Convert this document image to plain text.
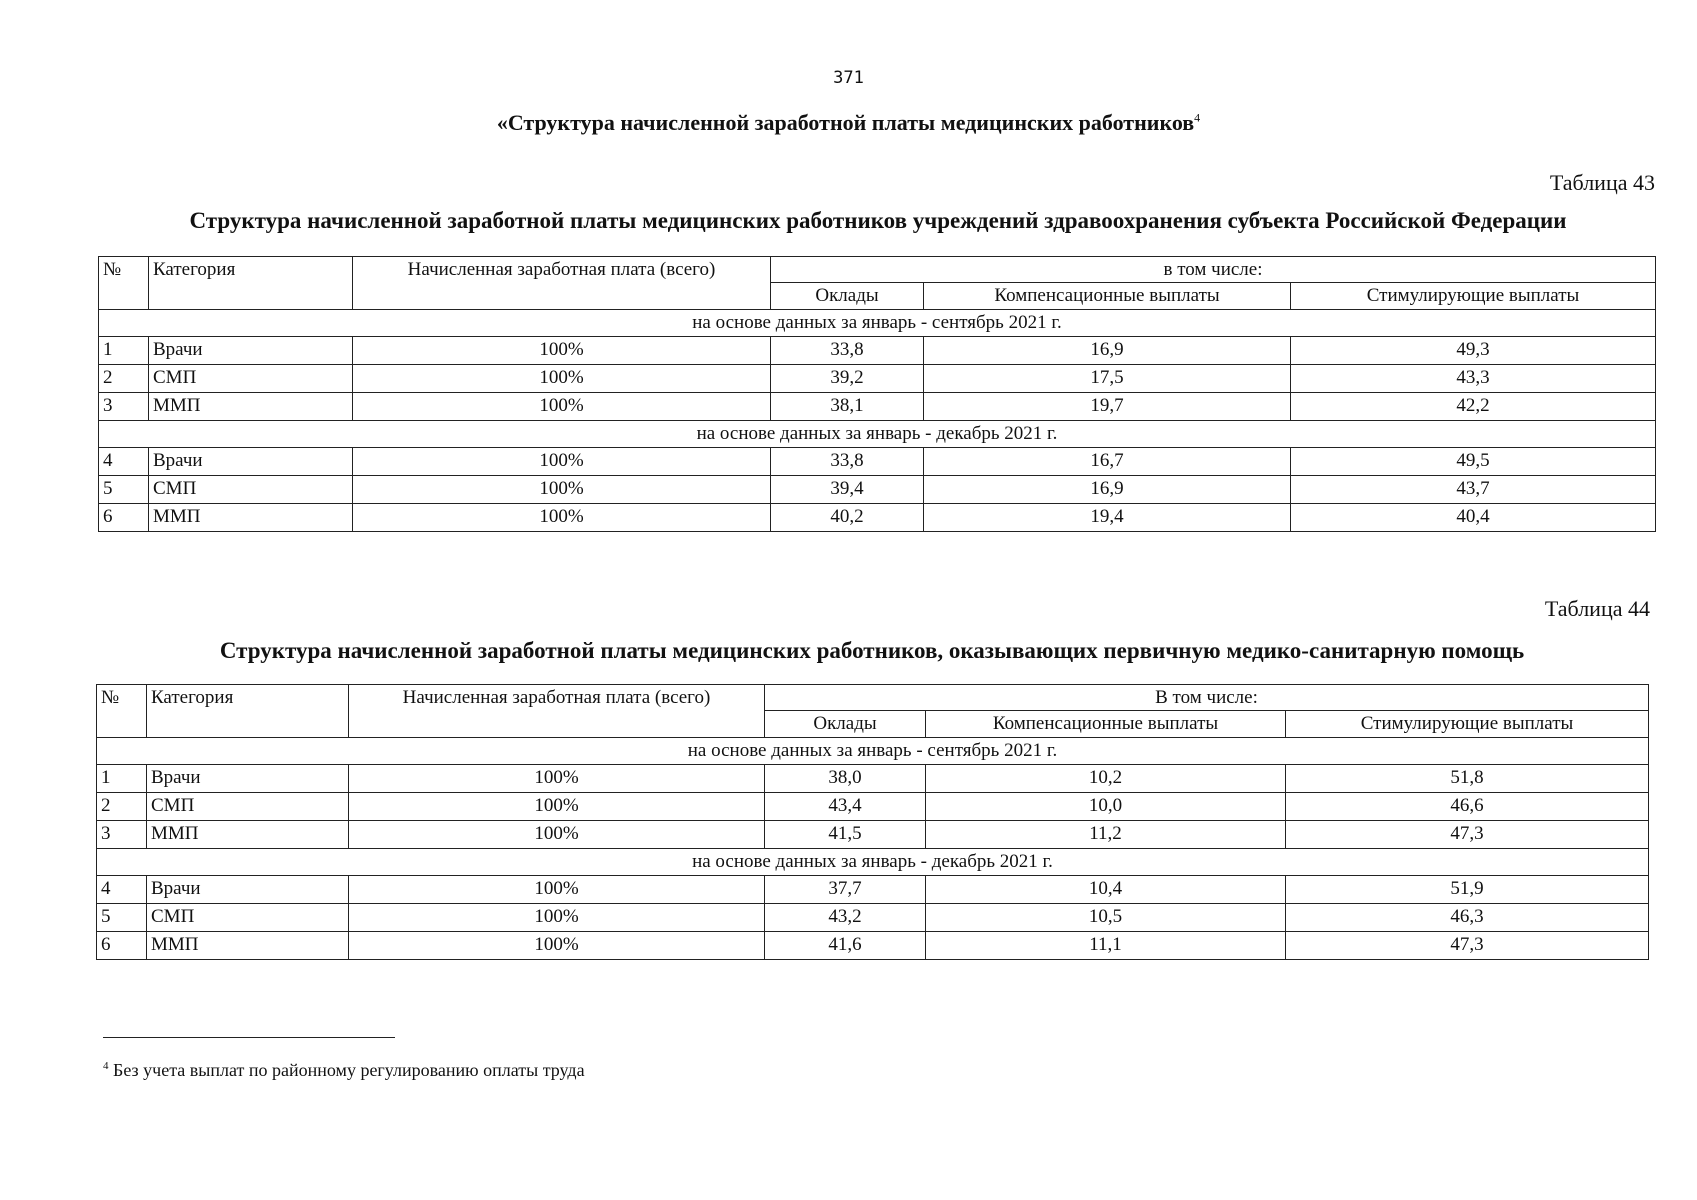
371
«Структура начисленной заработной платы медицинских работников$^4$
Таблица 43
Структура начисленной заработной платы медицинских работников учреждений здравоохранения субъекта Российской Федерации
№	Категория	Начисленная заработная плата (всего)	в том числе:		
			Оклады	Компенсационные выплаты	Стимулирующие выплаты
на основе данных за январь - сентябрь 2021 г.					
1	Врачи	100%	33,8	16,9	49,3
2	СМП	100%	39,2	17,5	43,3
3	ММП	100%	38,1	19,7	42,2
на основе данных за январь - декабрь 2021 г.					
4	Врачи	100%	33,8	16,7	49,5
5	СМП	100%	39,4	16,9	43,7
6	ММП	100%	40,2	19,4	40,4
Таблица 44
Структура начисленной заработной платы медицинских работников, оказывающих первичную медико-санитарную помощь
№	Категория	Начисленная заработная плата (всего)	В том числе:		
			Оклады	Компенсационные выплаты	Стимулирующие выплаты
на основе данных за январь - сентябрь 2021 г.					
1	Врачи	100%	38,0	10,2	51,8
2	СМП	100%	43,4	10,0	46,6
3	ММП	100%	41,5	11,2	47,3
на основе данных за январь - декабрь 2021 г.					
4	Врачи	100%	37,7	10,4	51,9
5	СМП	100%	43,2	10,5	46,3
6	ММП	100%	41,6	11,1	47,3
$^4$ Без учета выплат по районному регулированию оплаты труда
